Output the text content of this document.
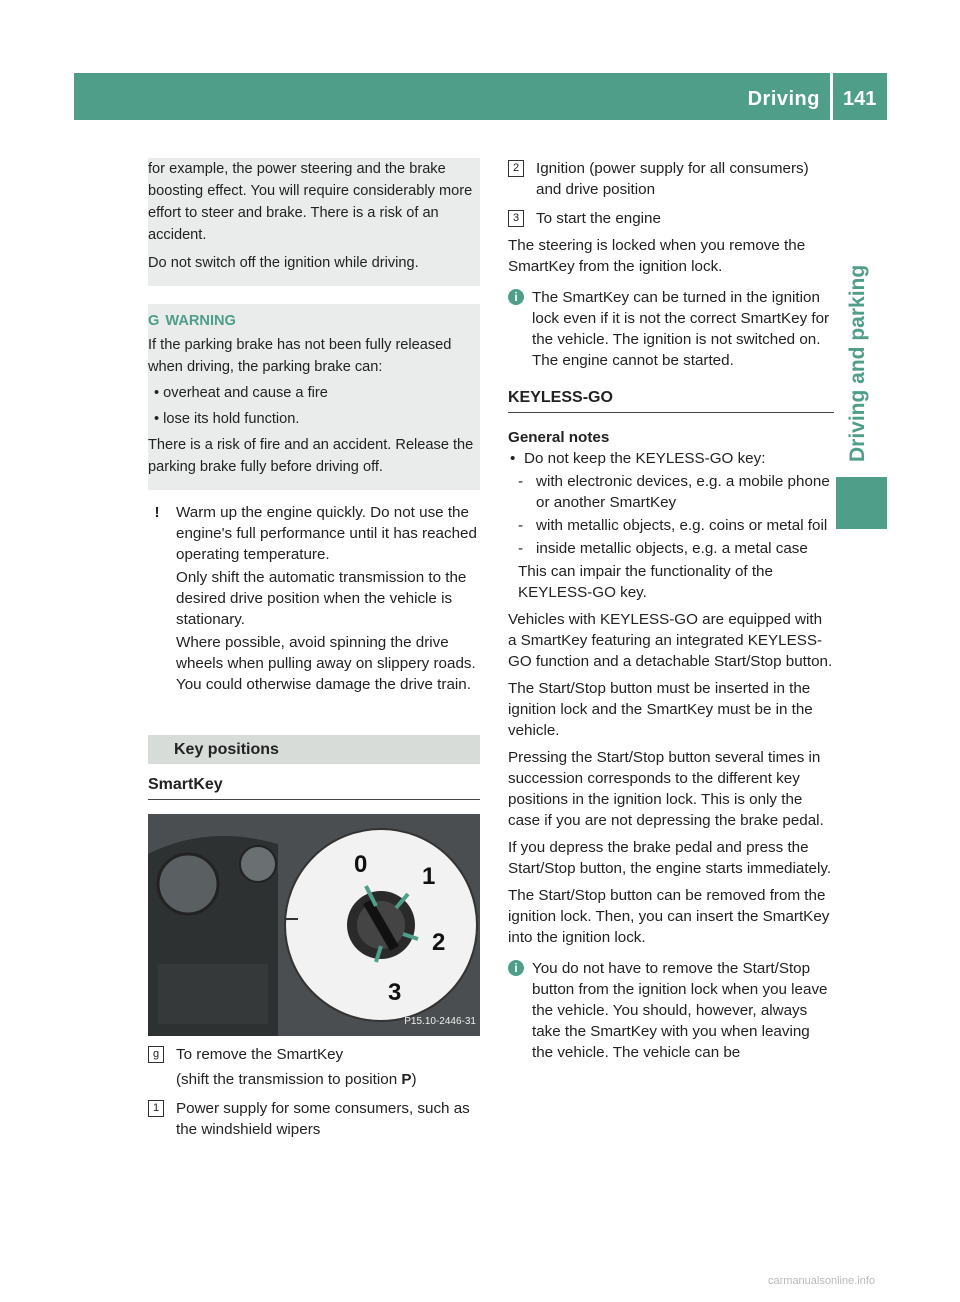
Driving 141
Driving and parking

for example, the power steering and the brake boosting effect. You will require considerably more effort to steer and brake. There is a risk of an accident.

Do not switch off the ignition while driving.

G WARNING

If the parking brake has not been fully released when driving, the parking brake can:

• overheat and cause a fire

• lose its hold function.

There is a risk of fire and an accident. Release the parking brake fully before driving off.

!	Warm up the engine quickly. Do not use the engine's full performance until it has reached operating temperature.

Only shift the automatic transmission to the desired drive position when the vehicle is stationary.

Where possible, avoid spinning the drive wheels when pulling away on slippery roads. You could otherwise damage the drive train.

Key positions
SmartKey
0 1
2
3
P15.10-2446-31
g	To remove the SmartKey

(shift the transmission to position P)

1	Power supply for some consumers, such as the windshield wipers

2	Ignition (power supply for all consumers) and drive position

3	To start the engine

The steering is locked when you remove the SmartKey from the ignition lock.

i The SmartKey can be turned in the ignition lock even if it is not the correct SmartKey for the vehicle. The ignition is not switched on. The engine cannot be started.

KEYLESS-GO
General notes
• Do not keep the KEYLESS-GO key:
- with electronic devices, e.g. a mobile phone or another SmartKey
- with metallic objects, e.g. coins or metal foil
- inside metallic objects, e.g. a metal case
This can impair the functionality of the KEYLESS-GO key.

Vehicles with KEYLESS-GO are equipped with a SmartKey featuring an integrated KEYLESS-GO function and a detachable Start/Stop button.

The Start/Stop button must be inserted in the ignition lock and the SmartKey must be in the vehicle.

Pressing the Start/Stop button several times in succession corresponds to the different key positions in the ignition lock. This is only the case if you are not depressing the brake pedal.

If you depress the brake pedal and press the Start/Stop button, the engine starts immediately.

The Start/Stop button can be removed from the ignition lock. Then, you can insert the SmartKey into the ignition lock.

i You do not have to remove the Start/Stop button from the ignition lock when you leave the vehicle. You should, however, always take the SmartKey with you when leaving the vehicle. The vehicle can be

carmanualsonline.info
